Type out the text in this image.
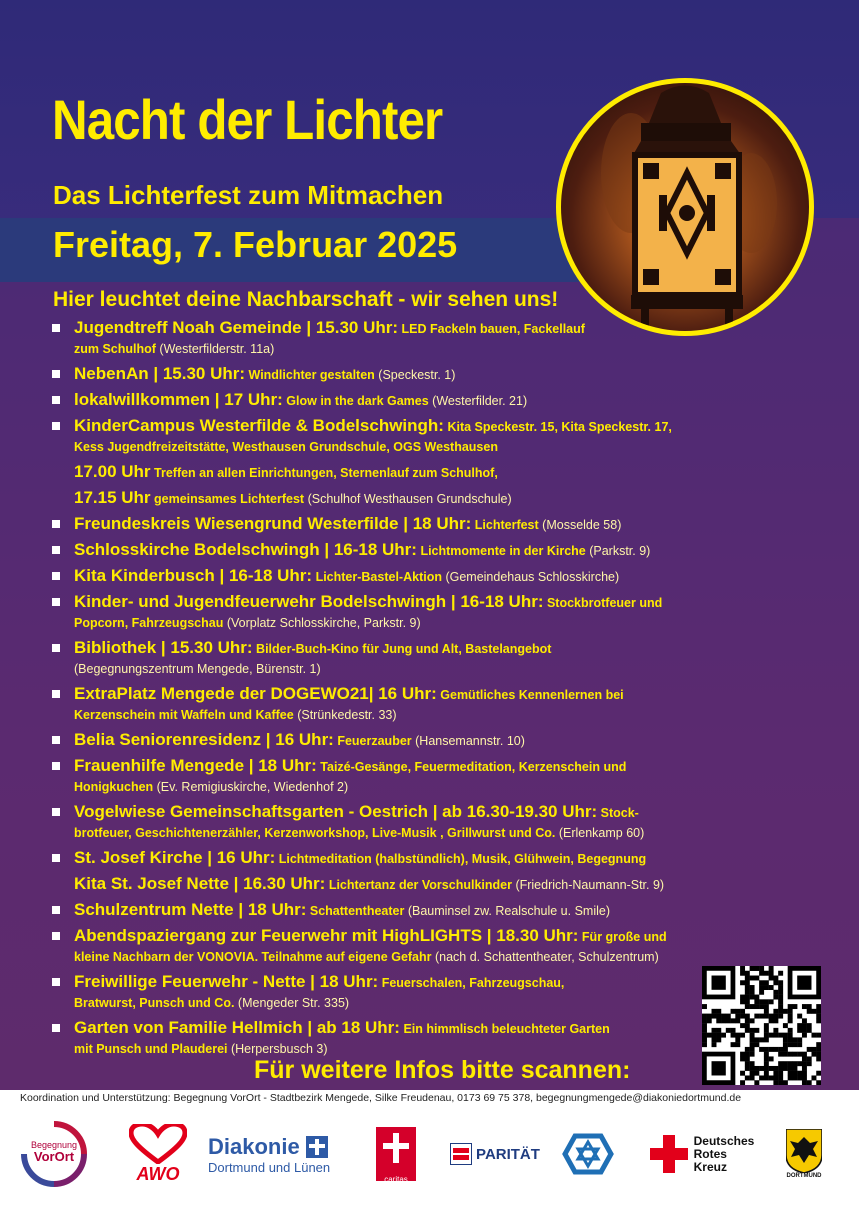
Nacht der Lichter

Das Lichterfest zum Mitmachen

Freitag, 7. Februar 2025

Hier leuchtet deine Nachbarschaft - wir sehen uns!

Jugendtreff Noah Gemeinde | 15.30 Uhr: LED Fackeln bauen, Fackellauf
zum Schulhof (Westerfilderstr. 11a)
NebenAn | 15.30 Uhr: Windlichter gestalten (Speckestr. 1)
lokalwillkommen | 17 Uhr: Glow in the dark Games (Westerfilder. 21)
KinderCampus Westerfilde & Bodelschwingh: Kita Speckestr. 15, Kita Speckestr. 17,
Kess Jugendfreizeitstätte, Westhausen Grundschule, OGS Westhausen
17.00 Uhr Treffen an allen Einrichtungen, Sternenlauf zum Schulhof,
17.15 Uhr gemeinsames Lichterfest (Schulhof Westhausen Grundschule)
Freundeskreis Wiesengrund Westerfilde | 18 Uhr: Lichterfest (Mosselde 58)
Schlosskirche Bodelschwingh | 16-18 Uhr: Lichtmomente in der Kirche (Parkstr. 9)
Kita Kinderbusch | 16-18 Uhr: Lichter-Bastel-Aktion (Gemeindehaus Schlosskirche)
Kinder- und Jugendfeuerwehr Bodelschwingh | 16-18 Uhr: Stockbrotfeuer und
Popcorn, Fahrzeugschau (Vorplatz Schlosskirche, Parkstr. 9)
Bibliothek | 15.30 Uhr: Bilder-Buch-Kino für Jung und Alt, Bastelangebot
(Begegnungszentrum Mengede, Bürenstr. 1)
ExtraPlatz Mengede der DOGEWO21| 16 Uhr: Gemütliches Kennenlernen bei
Kerzenschein mit Waffeln und Kaffee (Strünkedestr. 33)
Belia Seniorenresidenz | 16 Uhr: Feuerzauber (Hansemannstr. 10)
Frauenhilfe Mengede | 18 Uhr: Taizé-Gesänge, Feuermeditation, Kerzenschein und
Honigkuchen (Ev. Remigiuskirche, Wiedenhof 2)
Vogelwiese Gemeinschaftsgarten - Oestrich | ab 16.30-19.30 Uhr: Stock-
brotfeuer, Geschichtenerzähler, Kerzenworkshop, Live-Musik , Grillwurst und Co. (Erlenkamp 60)
St. Josef Kirche | 16 Uhr: Lichtmeditation (halbstündlich), Musik, Glühwein, Begegnung
Kita St. Josef Nette | 16.30 Uhr: Lichtertanz der Vorschulkinder (Friedrich-Naumann-Str. 9)
Schulzentrum Nette | 18 Uhr: Schattentheater (Bauminsel zw. Realschule u. Smile)
Abendspaziergang zur Feuerwehr mit HighLIGHTS | 18.30 Uhr: Für große und
kleine Nachbarn der VONOVIA. Teilnahme auf eigene Gefahr (nach d. Schattentheater, Schulzentrum)
Freiwillige Feuerwehr - Nette | 18 Uhr: Feuerschalen, Fahrzeugschau,
Bratwurst, Punsch und Co. (Mengeder Str. 335)
Garten von Familie Hellmich | ab 18 Uhr: Ein himmlisch beleuchteter Garten
mit Punsch und Plauderei (Herpersbusch 3)

Für weitere Infos bitte scannen:

Koordination und Unterstützung: Begegnung VorOrt - Stadtbezirk Mengede, Silke Freudenau, 0173 69 75 378, begegnungmengede@diakoniedortmund.de
Begegnung
VorOrt
AWO
Diakonie
Dortmund und Lünen
caritas
PARITÄT
Deutsches
Rotes
Kreuz
DORTMUND
